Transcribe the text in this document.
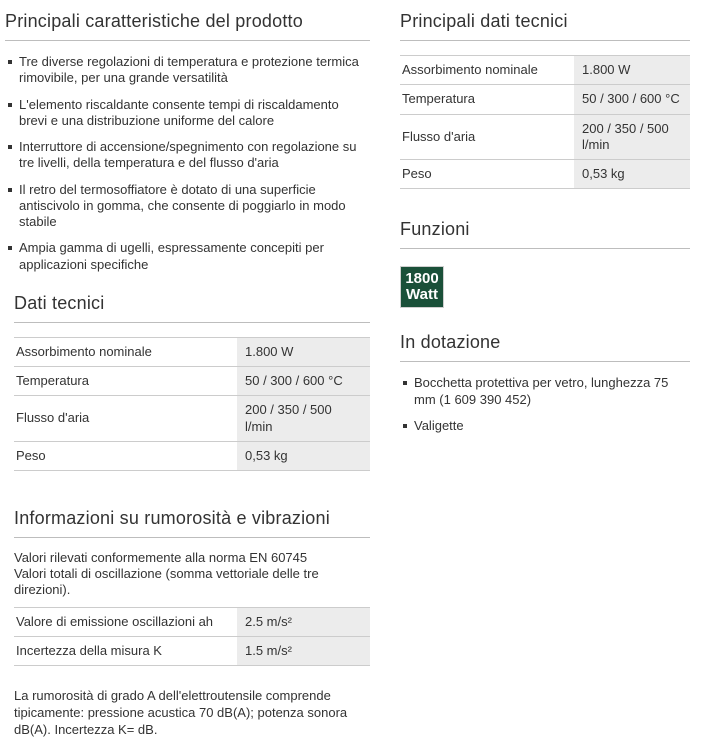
Principali caratteristiche del prodotto
Tre diverse regolazioni di temperatura e protezione termica rimovibile, per una grande versatilità
L'elemento riscaldante consente tempi di riscaldamento brevi e una distribuzione uniforme del calore
Interruttore di accensione/spegnimento con regolazione su tre livelli, della temperatura e del flusso d'aria
Il retro del termosoffiatore è dotato di una superficie antiscivolo in gomma, che consente di poggiarlo in modo stabile
Ampia gamma di ugelli, espressamente concepiti per applicazioni specifiche
Dati tecnici
Assorbimento nominale	1.800 W
Temperatura	50 / 300 / 600 °C
Flusso d'aria	200 / 350 / 500 l/min
Peso	0,53 kg
Informazioni su rumorosità e vibrazioni

Valori rilevati conformemente alla norma EN 60745
Valori totali di oscillazione (somma vettoriale delle tre direzioni).

Valore di emissione oscillazioni ah	2.5 m/s²
Incertezza della misura K	1.5 m/s²

La rumorosità di grado A dell'elettroutensile comprende tipicamente: pressione acustica 70 dB(A); potenza sonora dB(A). Incertezza K= dB.

Principali dati tecnici
Assorbimento nominale	1.800 W
Temperatura	50 / 300 / 600 °C
Flusso d'aria	200 / 350 / 500 l/min
Peso	0,53 kg
Funzioni
1800
Watt
In dotazione
Bocchetta protettiva per vetro, lunghezza 75 mm (1 609 390 452)
Valigette
